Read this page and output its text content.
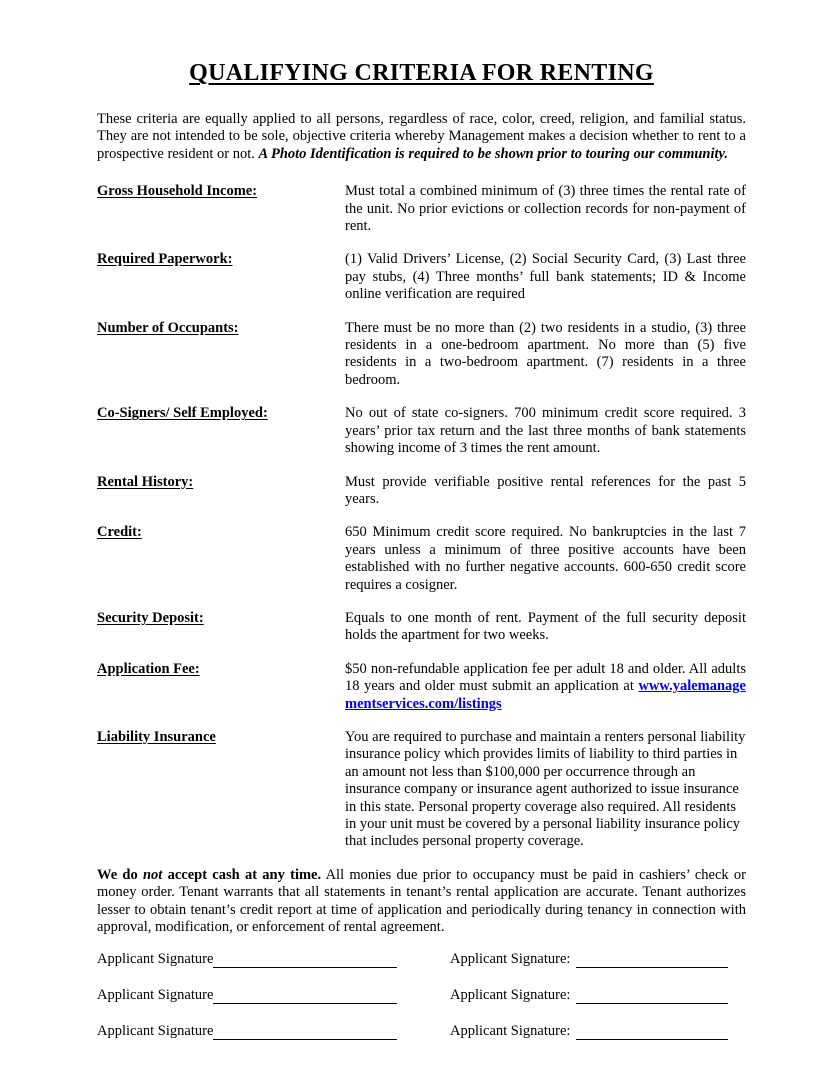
QUALIFYING CRITERIA FOR RENTING

These criteria are equally applied to all persons, regardless of race, color, creed, religion, and familial status. They are not intended to be sole, objective criteria whereby Management makes a decision whether to rent to a prospective resident or not. A Photo Identification is required to be shown prior to touring our community.

Gross Household Income:	Must total a combined minimum of (3) three times the rental rate of the unit. No prior evictions or collection records for non-payment of rent.
Required Paperwork:	(1) Valid Drivers’ License, (2) Social Security Card, (3) Last three pay stubs, (4) Three months’ full bank statements; ID & Income online verification are required
Number of Occupants:	There must be no more than (2) two residents in a studio, (3) three residents in a one-bedroom apartment. No more than (5) five residents in a two-bedroom apartment. (7) residents in a three bedroom.
Co-Signers/ Self Employed:	No out of state co-signers. 700 minimum credit score required. 3 years’ prior tax return and the last three months of bank statements showing income of 3 times the rent amount.
Rental History:	Must provide verifiable positive rental references for the past 5 years.
Credit:	650 Minimum credit score required. No bankruptcies in the last 7 years unless a minimum of three positive accounts have been established with no further negative accounts. 600-650 credit score requires a cosigner.
Security Deposit:	Equals to one month of rent. Payment of the full security deposit holds the apartment for two weeks.
Application Fee:	$50 non-refundable application fee per adult 18 and older. All adults 18 years and older must submit an application at www.yalemanagementservices.com/listings
Liability Insurance	You are required to purchase and maintain a renters personal liability insurance policy which provides limits of liability to third parties in an amount not less than $100,000 per occurrence through an insurance company or insurance agent authorized to issue insurance in this state. Personal property coverage also required. All residents in your unit must be covered by a personal liability insurance policy that includes personal property coverage.

We do not accept cash at any time. All monies due prior to occupancy must be paid in cashiers’ check or money order. Tenant warrants that all statements in tenant’s rental application are accurate. Tenant authorizes lesser to obtain tenant’s credit report at time of application and periodically during tenancy in connection with approval, modification, or enforcement of rental agreement.

Applicant Signature	Applicant Signature:
Applicant Signature	Applicant Signature:
Applicant Signature	Applicant Signature:
